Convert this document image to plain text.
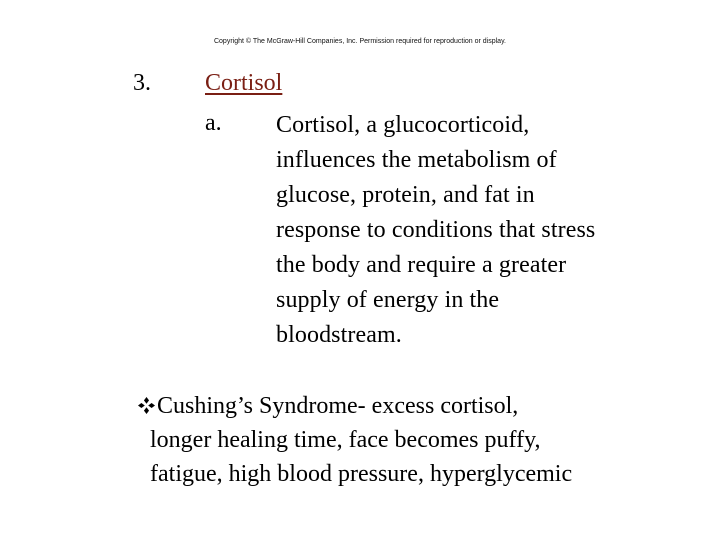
Copyright © The McGraw-Hill Companies, Inc. Permission required for reproduction or display.
3. Cortisol
a. Cortisol, a glucocorticoid,
influences the metabolism of
glucose, protein, and fat in
response to conditions that stress
the body and require a greater
supply of energy in the
bloodstream.
Cushing’s Syndrome- excess cortisol,
longer healing time, face becomes puffy,
fatigue, high blood pressure, hyperglycemic
